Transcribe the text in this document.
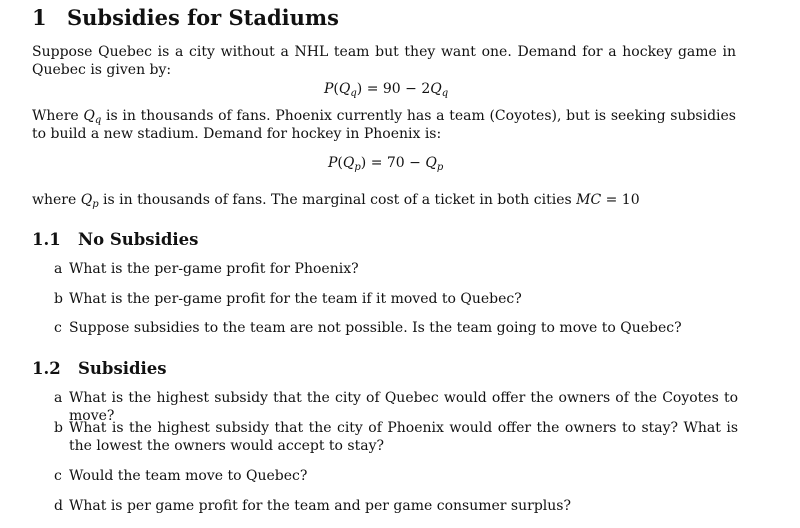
1 Subsidies for Stadiums

Suppose Quebec is a city without a NHL team but they want one. Demand for a hockey game in Quebec is given by:

$P(Q_q) = 90 - 2Q_q$

Where $Q_q$ is in thousands of fans. Phoenix currently has a team (Coyotes), but is seeking subsidies to build a new stadium. Demand for hockey in Phoenix is:

$P(Q_p) = 70 - Q_p$

where $Q_p$ is in thousands of fans. The marginal cost of a ticket in both cities MC = 10

1.1 No Subsidies
a What is the per-game profit for Phoenix?
b What is the per-game profit for the team if it moved to Quebec?
c Suppose subsidies to the team are not possible. Is the team going to move to Quebec?
1.2 Subsidies
a What is the highest subsidy that the city of Quebec would offer the owners of the Coyotes to move?
b What is the highest subsidy that the city of Phoenix would offer the owners to stay? What is the lowest the owners would accept to stay?
c Would the team move to Quebec?
d What is per game profit for the team and per game consumer surplus?
